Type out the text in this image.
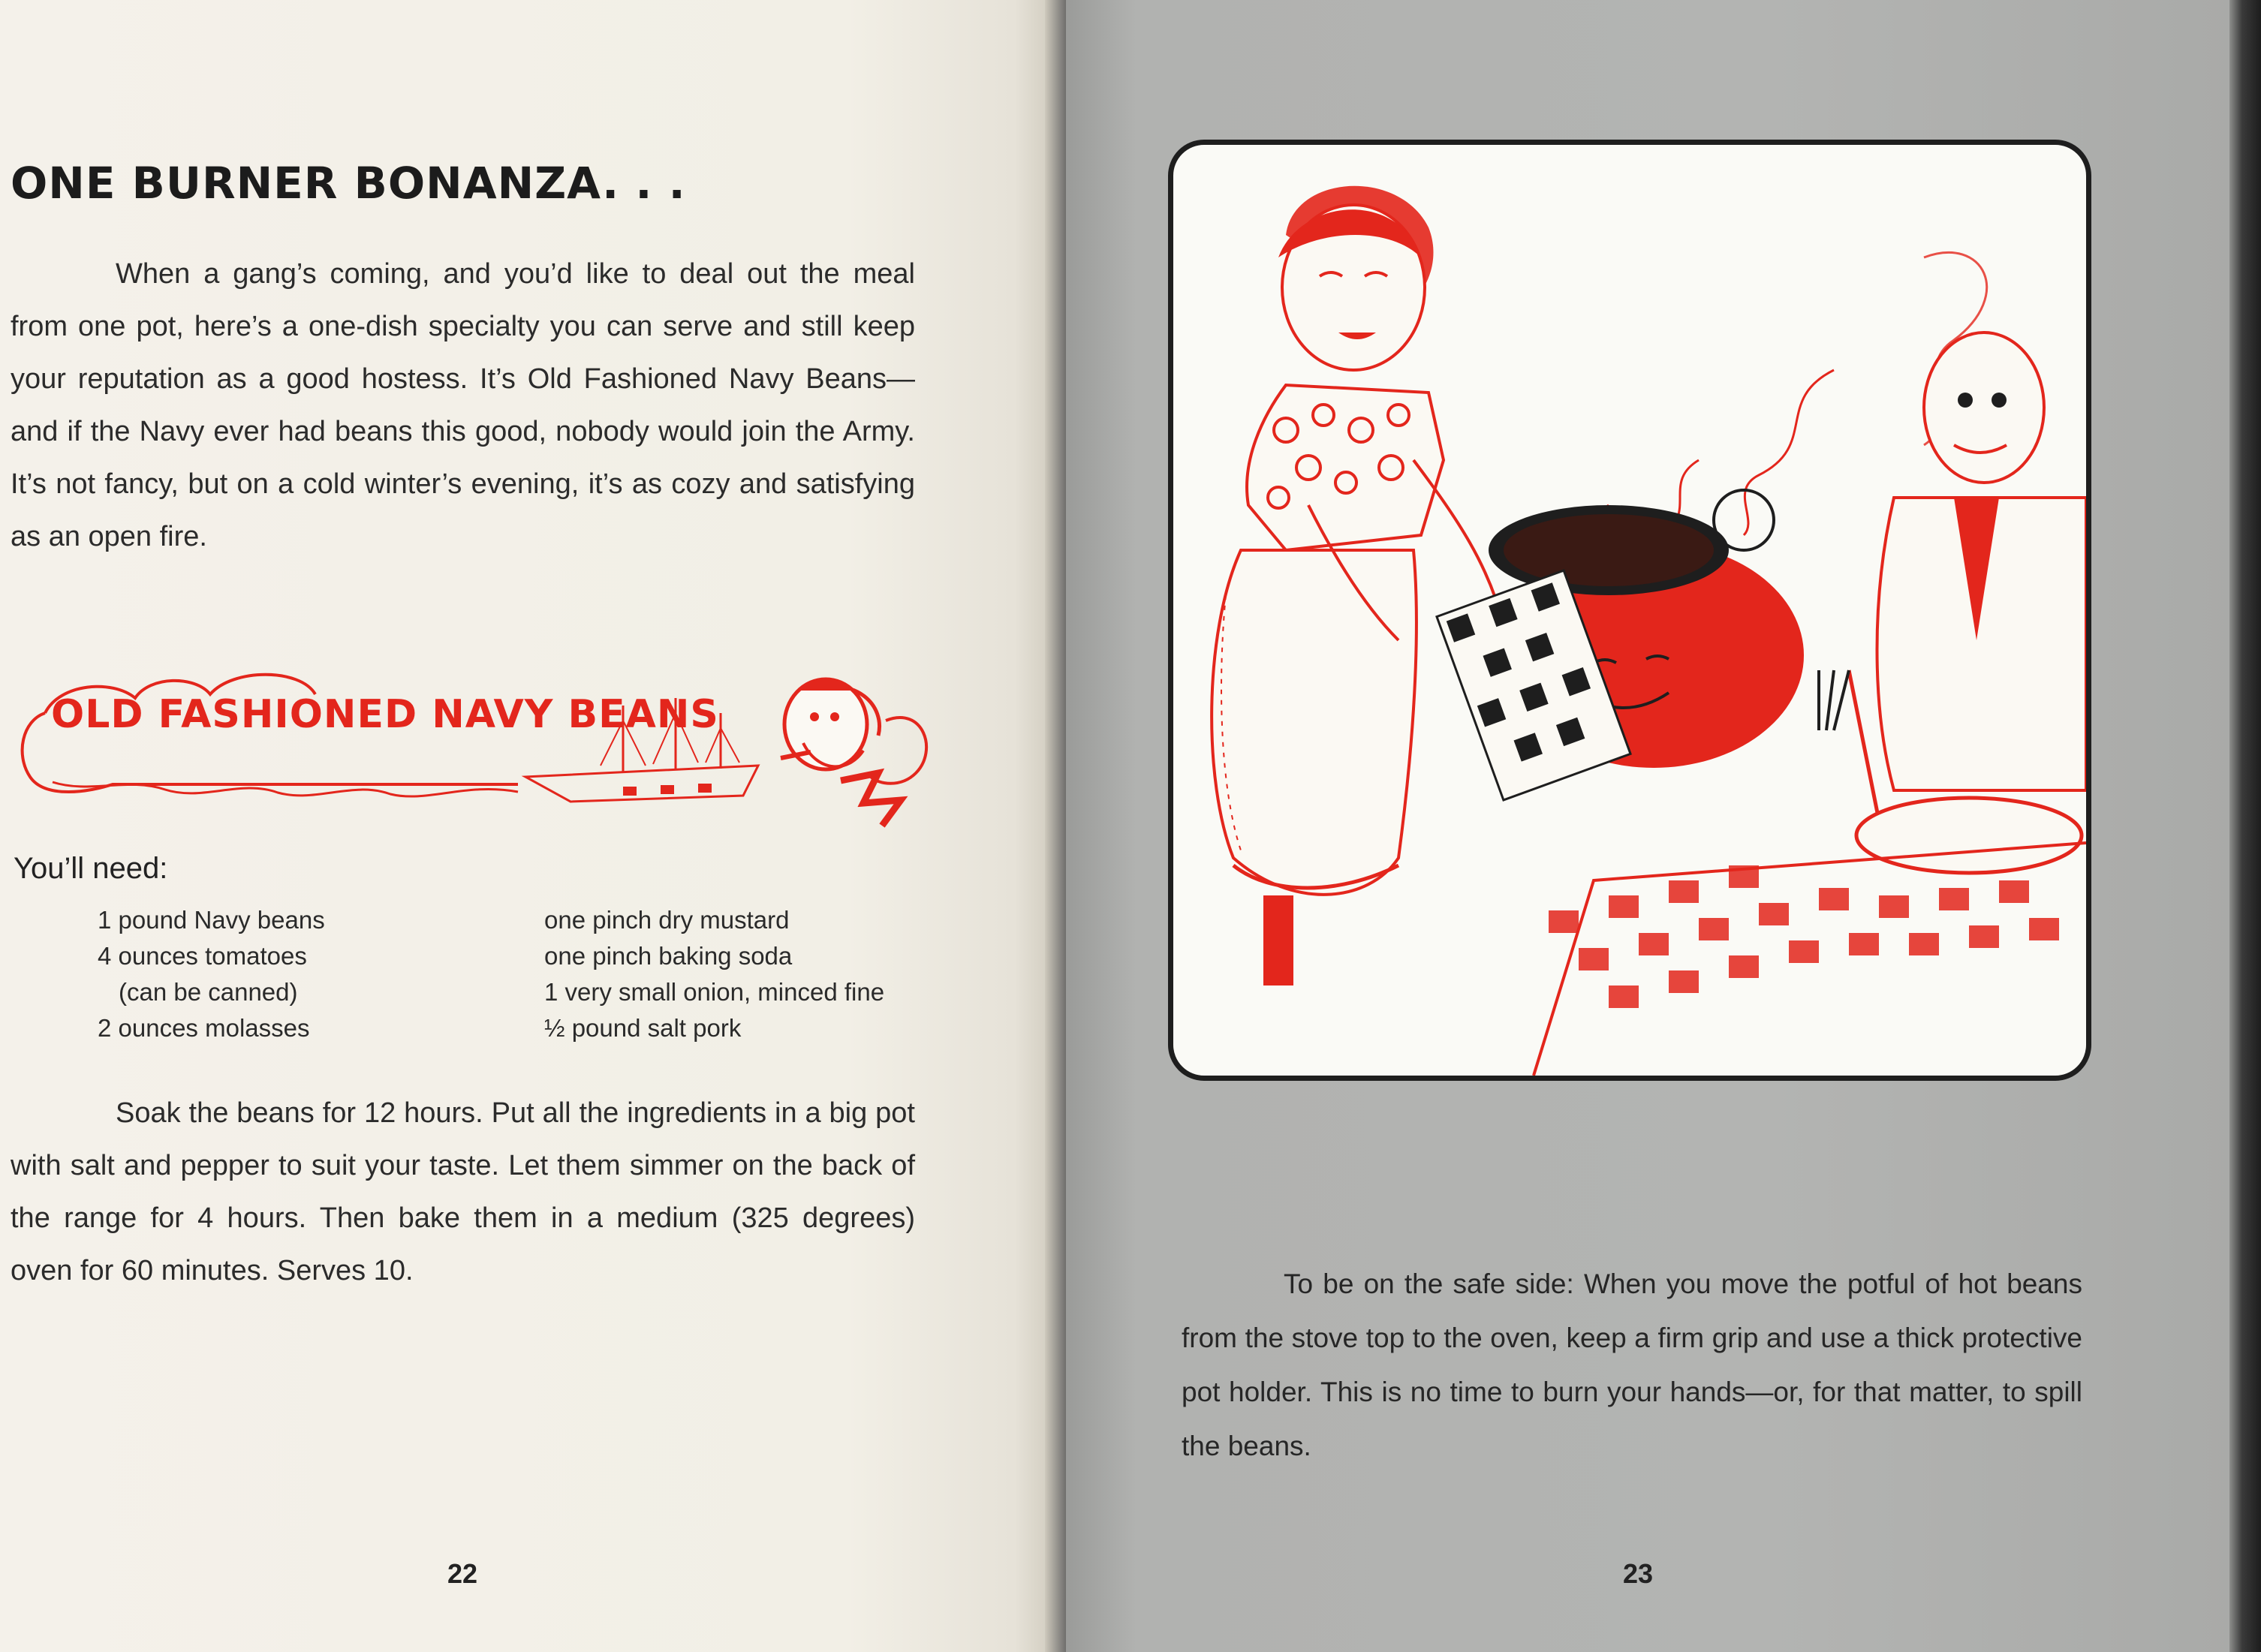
ONE BURNER BONANZA. . .

When a gang’s coming, and you’d like to deal out the meal from one pot, here’s a one-dish specialty you can serve and still keep your reputation as a good hostess. It’s Old Fashioned Navy Beans—and if the Navy ever had beans this good, nobody would join the Army. It’s not fancy, but on a cold winter’s evening, it’s as cozy and satisfying as an open fire.

OLD FASHIONED NAVY BEANS
You’ll need:
1 pound Navy beans
4 ounces tomatoes
(can be canned)
2 ounces molasses
one pinch dry mustard
one pinch baking soda
1 very small onion, minced fine
½ pound salt pork

Soak the beans for 12 hours. Put all the ingredients in a big pot with salt and pepper to suit your taste. Let them simmer on the back of the range for 4 hours. Then bake them in a medium (325 degrees) oven for 60 minutes. Serves 10.

22

To be on the safe side: When you move the potful of hot beans from the stove top to the oven, keep a firm grip and use a thick protective pot holder. This is no time to burn your hands—or, for that matter, to spill the beans.

23
